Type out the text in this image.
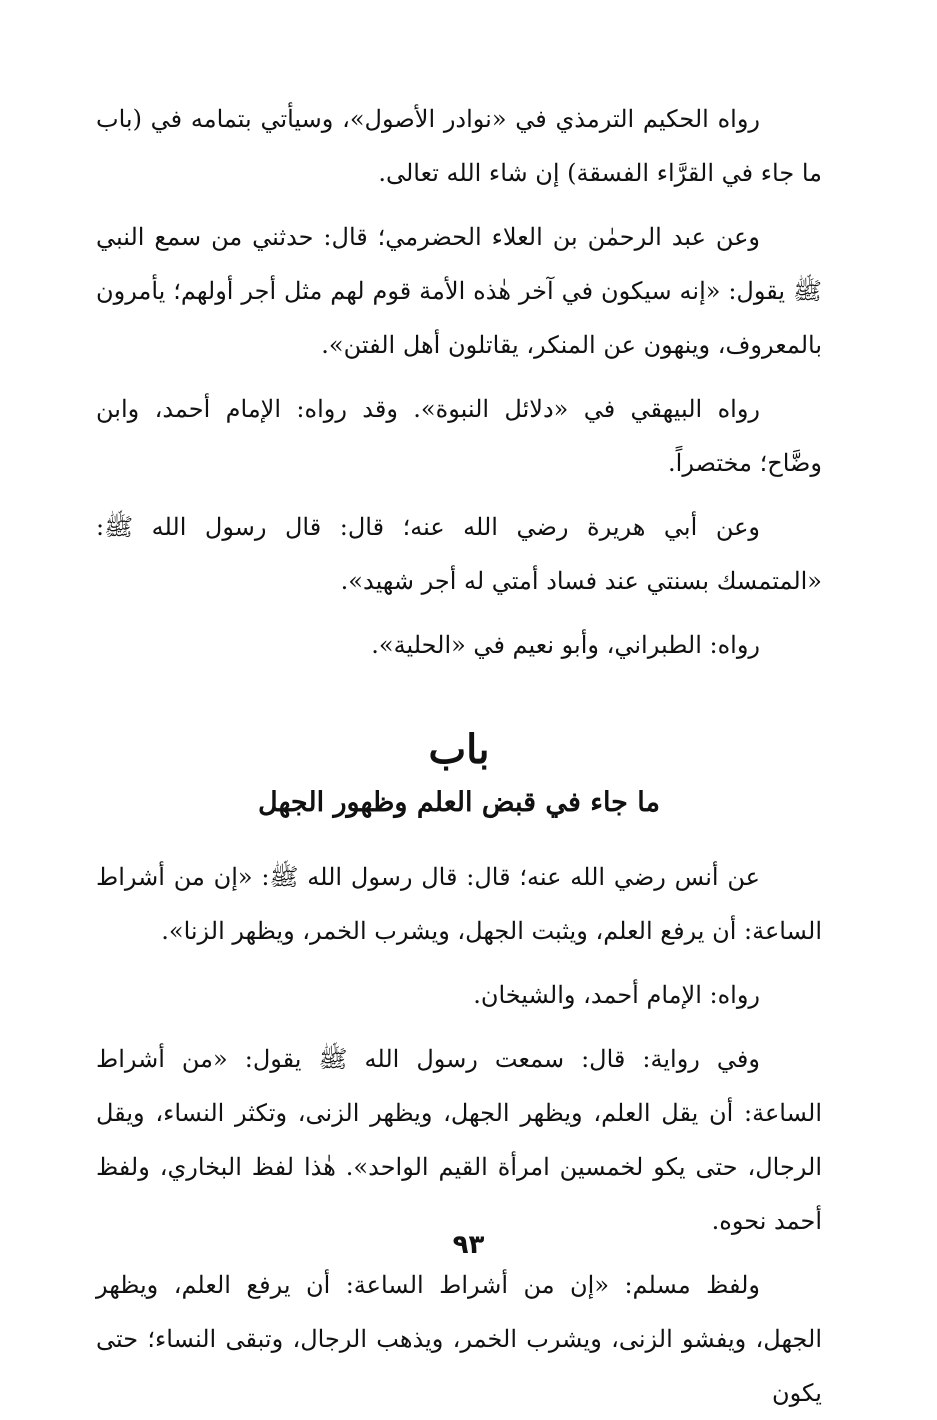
رواه الحكيم الترمذي في «نوادر الأصول»، وسيأتي بتمامه في (باب ما جاء في القرَّاء الفسقة) إن شاء الله تعالى.

وعن عبد الرحمٰن بن العلاء الحضرمي؛ قال: حدثني من سمع النبي ﷺ يقول: «إنه سيكون في آخر هٰذه الأمة قوم لهم مثل أجر أولهم؛ يأمرون بالمعروف، وينهون عن المنكر، يقاتلون أهل الفتن».

رواه البيهقي في «دلائل النبوة». وقد رواه: الإمام أحمد، وابن وضَّاح؛ مختصراً.

وعن أبي هريرة رضي الله عنه؛ قال: قال رسول الله ﷺ: «المتمسك بسنتي عند فساد أمتي له أجر شهيد».

رواه: الطبراني، وأبو نعيم في «الحلية».

باب
ما جاء في قبض العلم وظهور الجهل

عن أنس رضي الله عنه؛ قال: قال رسول الله ﷺ: «إن من أشراط الساعة: أن يرفع العلم، ويثبت الجهل، ويشرب الخمر، ويظهر الزنا».

رواه: الإمام أحمد، والشيخان.

وفي رواية: قال: سمعت رسول الله ﷺ يقول: «من أشراط الساعة: أن يقل العلم، ويظهر الجهل، ويظهر الزنى، وتكثر النساء، ويقل الرجال، حتى يكو لخمسين امرأة القيم الواحد». هٰذا لفظ البخاري، ولفظ أحمد نحوه.

ولفظ مسلم: «إن من أشراط الساعة: أن يرفع العلم، ويظهر الجهل، ويفشو الزنى، ويشرب الخمر، ويذهب الرجال، وتبقى النساء؛ حتى يكون

٩٣
